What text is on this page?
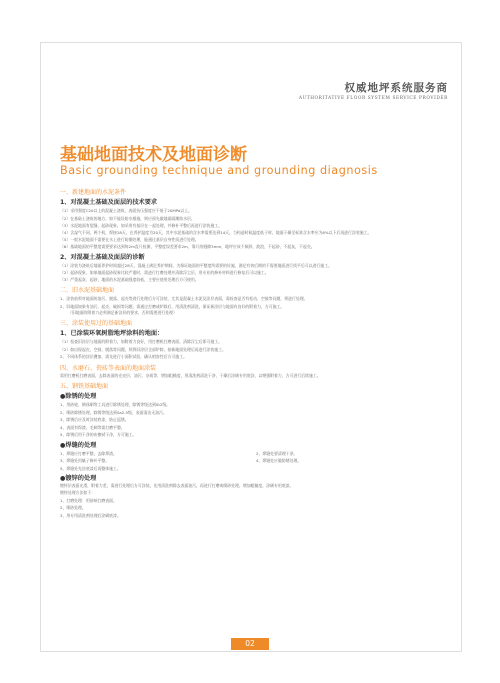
权威地坪系统服务商
AUTHORITATIVE FLOOR SYSTEM SERVICE PROVIDER
基础地面技术及地面诊断
Basic grounding technique and grounding diagnosis
一、新建地面的水泥条件
1、对混凝土基础及面层的技术要求
（1）采用强度C20以上的混凝土浇筑，表面抗压强度应不低于20MPa以上。
（2）在基础土浇筑的地方，如不能设防水措施，则应预先做地面隔潮防水层。
（3）水泥地面有裂缝、起砂现象，如采用有基层在一起处理，并修补平整后再进行涂装施工。
（4）含湿气不同，两个机，焊接28天，在养护温度为20天，其中水泥基础的含水率需要达到14天，当构造时候温度低于时，地面干燥至标准含水率应为6%以下后再进行涂装施工。
（5）一般水泥地面不需要在水上进行防潮处理，能通过基层自身性质进行处理。
（6）基础地面的平整度需要要求达到每2m直尺检测，平整度误差要求2m，靠尺的缝隙3mm，地坪应该不倾斜，波浪，不起砂，不起灰，不起壳。
2、对混凝土基础及面层的诊断
（1）涂装为浇筑后地面养护时间超过28天，混凝土满足养护期间，为保证地面的平整度所需要的设施，满足有效后期的不需要地面进行找平后可以进行施工。
（2）起砂现象，如果地面起砂现象比较严重时，需进行打磨处理并清除浮尘层，用专业的修补材料进行修复后可以施工。
（3）严重起灰、起砂，地面的水泥基础强度较低，主要应使用处理后方可使用。
二、旧水泥基础地面
1、涂装前须对地面的油污、脱落、起壳等进行处理后方可涂装，尤其是混凝土水泥及涂层表面，需检查是否有松动、空鼓等问题，须进行处理。
2、旧地面如果有油污、起壳、破损等问题，需通过打磨或铲除后，用清洗剂清洗，保证新涂层与地面有良好的附着力，方可施工。
（旧地面的附着力必须满足新涂层的要求，否则需要进行处理）
三、涂装使用过的基础地面
1、已涂装环氧树脂地坪涂料的地面：
（1）检查旧涂层与地面的附着力，如附着力良好，用打磨机打磨表面，清除浮尘后即可施工。
（2）如出现起皮、空鼓、脱落等问题，须将旧涂层全部铲除，按新地面处理后再进行涂装施工。
2、不同体系的涂层叠加，需先进行小面积试验，确认相容性后方可施工。
四、水磨石、瓷砖等表面的地面涂装
需用打磨机打磨表面，去除表面的光亮层、油污、杂质等，增加粗糙度，用清洗剂清洗干净，干燥后涂刷专用底涂，以增强附着力，方可进行后续施工。
五、钢铁基础地面
●除锈的处理
1、用砂轮、钢丝刷等工具进行除锈处理，除锈等级达到St2级。
2、喷砂除锈处理，除锈等级达到Sa2.5级，表面清洁无油污。
3、除锈后应及时涂装底漆，防止返锈。
4、表面有焊渣、毛刺等需打磨平整。
5、除锈后用干净的布擦拭干净，方可施工。
●焊缝的处理
1、焊缝应打磨平整，去除焊渣。
3、焊缝处用腻子修补平整。
5、焊缝处先涂底漆后再整体施工。
2、焊缝处要清理干净。
4、焊缝处应做防锈处理。
●镀锌的处理
镀锌层表面光滑，附着力差，需进行处理后方可涂装。先用清洗剂除去表面油污，再进行打磨或喷砂处理，增加粗糙度，涂刷专用底漆。
镀锌处理方法如下：
1、打磨处理：用砂纸打磨表面。
2、喷砂处理。
3、用专用清洗剂处理后涂刷底漆。
02
